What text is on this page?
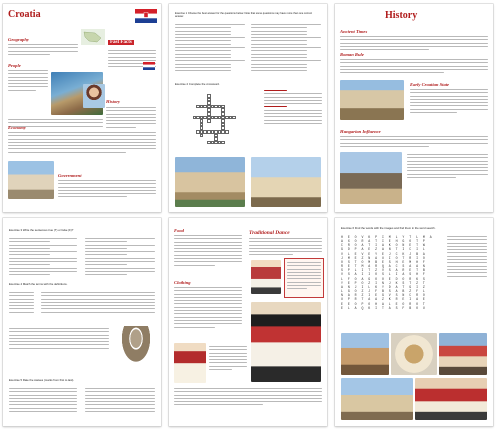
Croatia
Geography
Fast Facts
People
History
Economy
Government
Exercise 1 Choose the best answer for the questions below. Note that some questions may have more than one correct answer.
Exercise 2 Complete the crossword.
History
Ancient Times
Roman Rule
Early Croatian State
Hungarian Influence
Exercise 3 Write the sentences true (T) or false (F)?
Exercise 4 Match the terms with the definitions.
Exercise 5 Rate the statues (marks from first to last).
Food	Traditional Dance
Clothing
Exercise 6 Find the words with the images and find them in the word search.
H E O V K P I M L Y T L M A
A X O R A T I E H G O T P
C R O A T I A K O N E T W
G D P A E Z A N T I C I L
V L E V E Y E J C K J B A
J M E Z N A U I O T R I O
O S T O M B E S H E M H F
R E T M A R Q A C S A A N
S P L I T Z V S A R E T B
V S A I I O S L I A S H F
L F O A G O O E D O R K S
Y E P O Z I N J K S T Z T
A N J I L K Y D A T G I Z
L G O Z J F B S A B Z F L
N A R Z I E G V S N C R O
U P R T A A Z K R E I A E
E E O P O H A L E O R O T
E L A Q K I T A S F B O U
